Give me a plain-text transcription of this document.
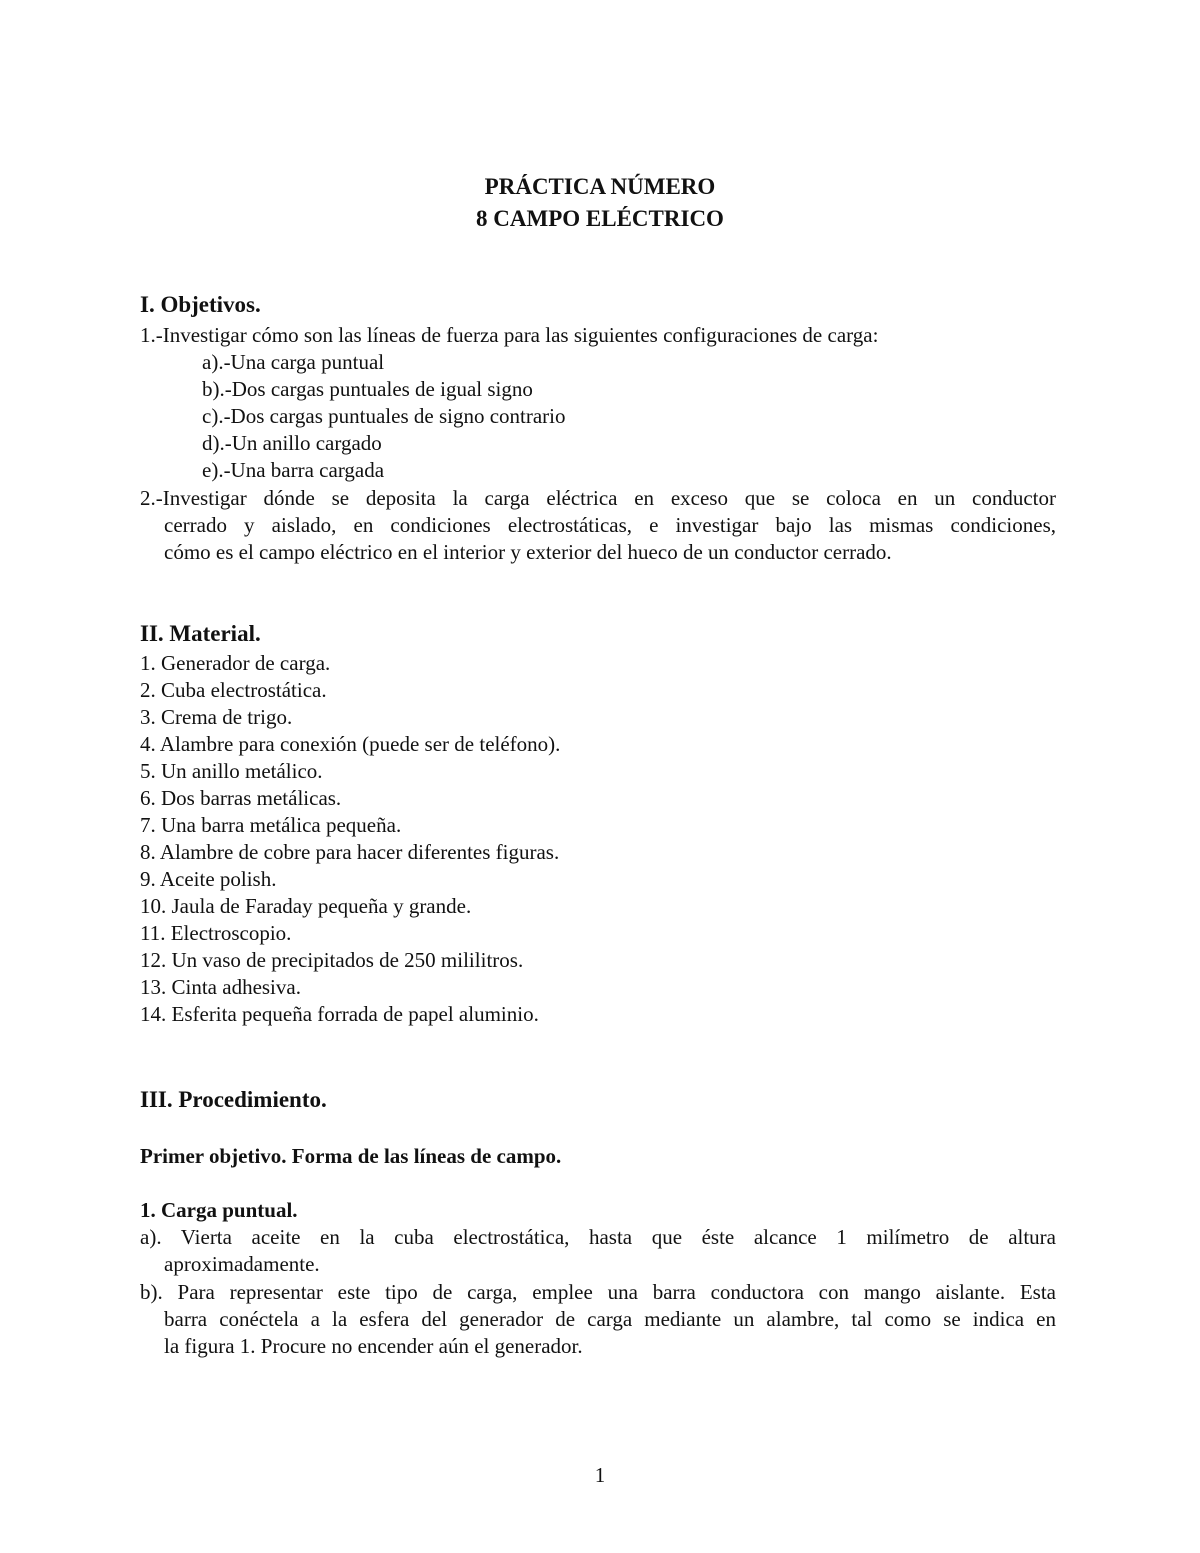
PRÁCTICA NÚMERO
8 CAMPO ELÉCTRICO
I. Objetivos.
1.-Investigar cómo son las líneas de fuerza para las siguientes configuraciones de carga:
a).-Una carga puntual
b).-Dos cargas puntuales de igual signo
c).-Dos cargas puntuales de signo contrario
d).-Un anillo cargado
e).-Una barra cargada
2.-Investigar dónde se deposita la carga eléctrica en exceso que se coloca en un conductor
cerrado y aislado, en condiciones electrostáticas, e investigar bajo las mismas condiciones,
cómo es el campo eléctrico en el interior y exterior del hueco de un conductor cerrado.
II. Material.
1. Generador de carga.
2. Cuba electrostática.
3. Crema de trigo.
4. Alambre para conexión (puede ser de teléfono).
5. Un anillo metálico.
6. Dos barras metálicas.
7. Una barra metálica pequeña.
8. Alambre de cobre para hacer diferentes figuras.
9. Aceite polish.
10. Jaula de Faraday pequeña y grande.
11. Electroscopio.
12. Un vaso de precipitados de 250 mililitros.
13. Cinta adhesiva.
14. Esferita pequeña forrada de papel aluminio.
III. Procedimiento.
Primer objetivo. Forma de las líneas de campo.
1. Carga puntual.
a). Vierta aceite en la cuba electrostática, hasta que éste alcance 1 milímetro de altura
aproximadamente.
b). Para representar este tipo de carga, emplee una barra conductora con mango aislante. Esta
barra conéctela a la esfera del generador de carga mediante un alambre, tal como se indica en
la figura 1. Procure no encender aún el generador.
1
